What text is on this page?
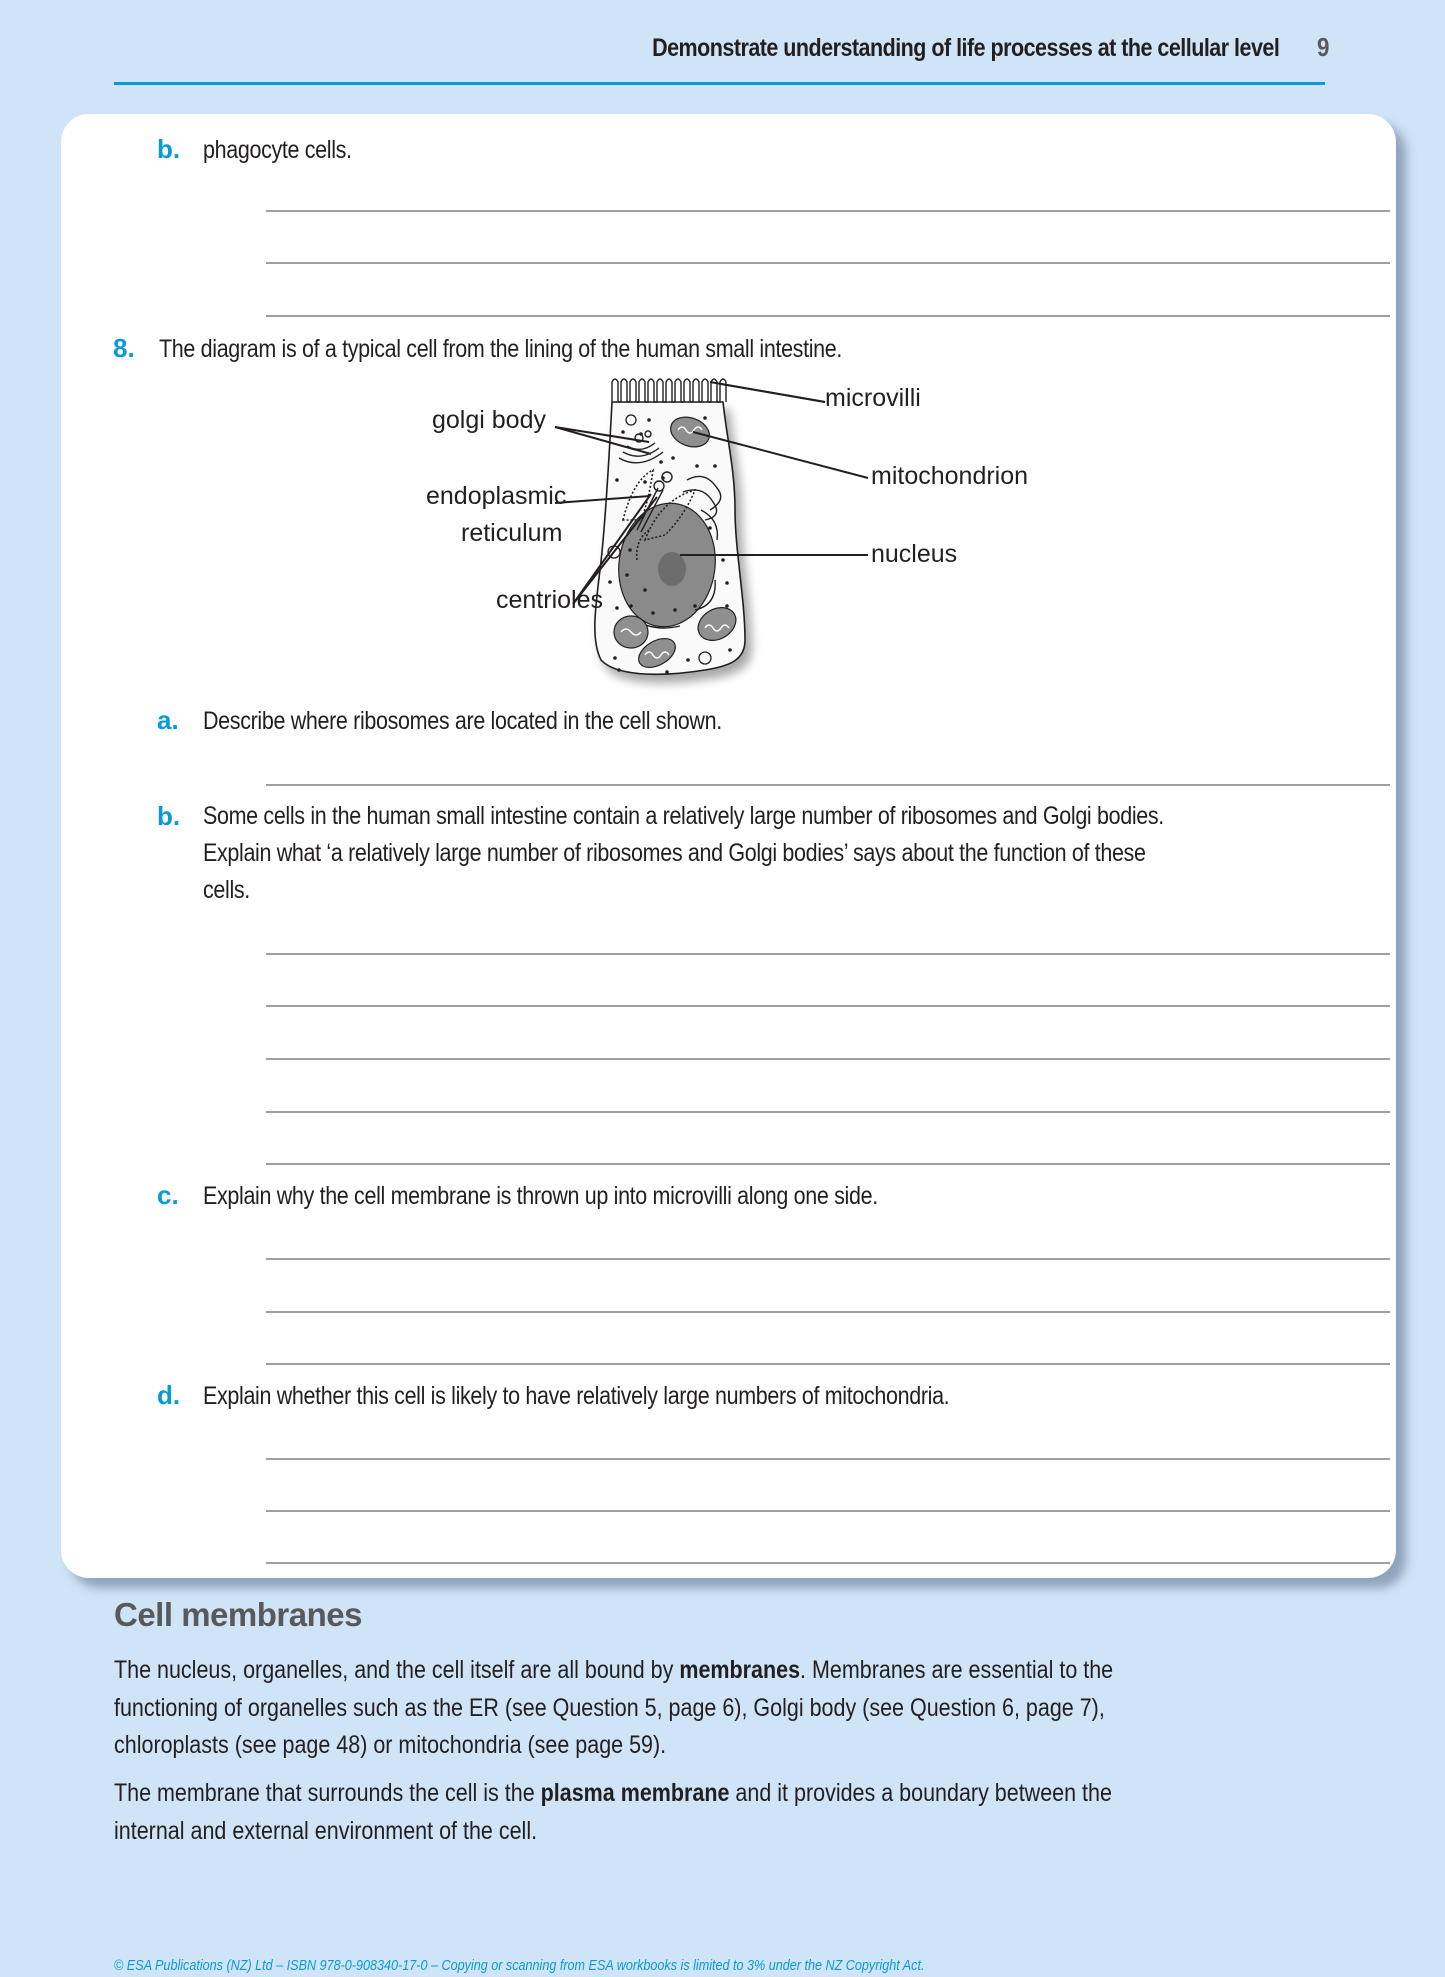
Demonstrate understanding of life processes at the cellular level 9
b. phagocyte cells.
8. The diagram is of a typical cell from the lining of the human small intestine.
a. Describe where ribosomes are located in the cell shown.
b. Some cells in the human small intestine contain a relatively large number of ribosomes and Golgi bodies.
Explain what ‘a relatively large number of ribosomes and Golgi bodies’ says about the function of these
cells.
c. Explain why the cell membrane is thrown up into microvilli along one side.
d. Explain whether this cell is likely to have relatively large numbers of mitochondria.
golgi body
endoplasmic
reticulum
centrioles
microvilli
mitochondrion
nucleus
Cell membranes
The nucleus, organelles, and the cell itself are all bound by membranes. Membranes are essential to the
functioning of organelles such as the ER (see Question 5, page 6), Golgi body (see Question 6, page 7),
chloroplasts (see page 48) or mitochondria (see page 59).
The membrane that surrounds the cell is the plasma membrane and it provides a boundary between the
internal and external environment of the cell.
© ESA Publications (NZ) Ltd – ISBN 978-0-908340-17-0 – Copying or scanning from ESA workbooks is limited to 3% under the NZ Copyright Act.
